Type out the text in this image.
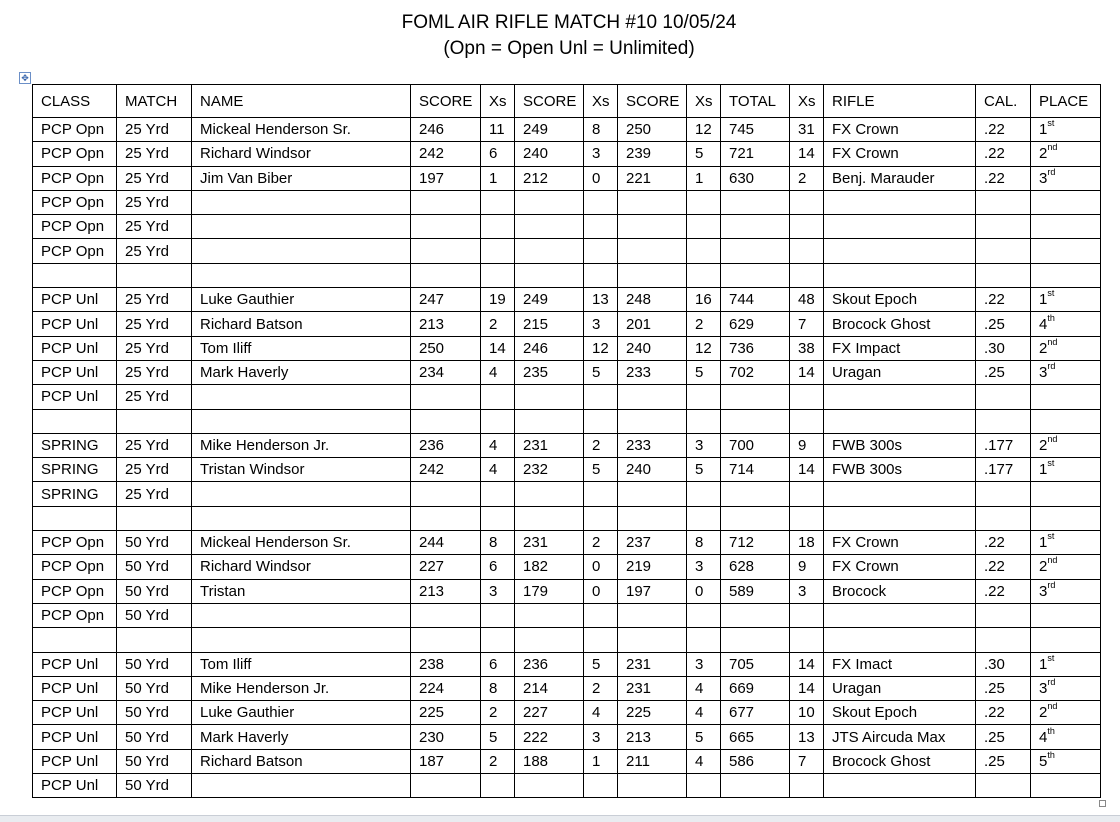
FOML AIR RIFLE MATCH #10 10/05/24
(Opn = Open Unl = Unlimited)
✥
CLASS	MATCH	NAME	SCORE	Xs	SCORE	Xs	SCORE	Xs	TOTAL	Xs	RIFLE	CAL.	PLACE
PCP Opn	25 Yrd	Mickeal Henderson Sr.	246	11	249	8	250	12	745	31	FX Crown	.22	1st
PCP Opn	25 Yrd	Richard Windsor	242	6	240	3	239	5	721	14	FX Crown	.22	2nd
PCP Opn	25 Yrd	Jim Van Biber	197	1	212	0	221	1	630	2	Benj. Marauder	.22	3rd
PCP Opn	25 Yrd												
PCP Opn	25 Yrd												
PCP Opn	25 Yrd												

PCP Unl	25 Yrd	Luke Gauthier	247	19	249	13	248	16	744	48	Skout Epoch	.22	1st
PCP Unl	25 Yrd	Richard Batson	213	2	215	3	201	2	629	7	Brocock Ghost	.25	4th
PCP Unl	25 Yrd	Tom Iliff	250	14	246	12	240	12	736	38	FX Impact	.30	2nd
PCP Unl	25 Yrd	Mark Haverly	234	4	235	5	233	5	702	14	Uragan	.25	3rd
PCP Unl	25 Yrd												

SPRING	25 Yrd	Mike Henderson Jr.	236	4	231	2	233	3	700	9	FWB 300s	.177	2nd
SPRING	25 Yrd	Tristan Windsor	242	4	232	5	240	5	714	14	FWB 300s	.177	1st
SPRING	25 Yrd												

PCP Opn	50 Yrd	Mickeal Henderson Sr.	244	8	231	2	237	8	712	18	FX Crown	.22	1st
PCP Opn	50 Yrd	Richard Windsor	227	6	182	0	219	3	628	9	FX Crown	.22	2nd
PCP Opn	50 Yrd	Tristan	213	3	179	0	197	0	589	3	Brocock	.22	3rd
PCP Opn	50 Yrd												

PCP Unl	50 Yrd	Tom Iliff	238	6	236	5	231	3	705	14	FX Imact	.30	1st
PCP Unl	50 Yrd	Mike Henderson Jr.	224	8	214	2	231	4	669	14	Uragan	.25	3rd
PCP Unl	50 Yrd	Luke Gauthier	225	2	227	4	225	4	677	10	Skout Epoch	.22	2nd
PCP Unl	50 Yrd	Mark Haverly	230	5	222	3	213	5	665	13	JTS Aircuda Max	.25	4th
PCP Unl	50 Yrd	Richard Batson	187	2	188	1	211	4	586	7	Brocock Ghost	.25	5th
PCP Unl	50 Yrd												
